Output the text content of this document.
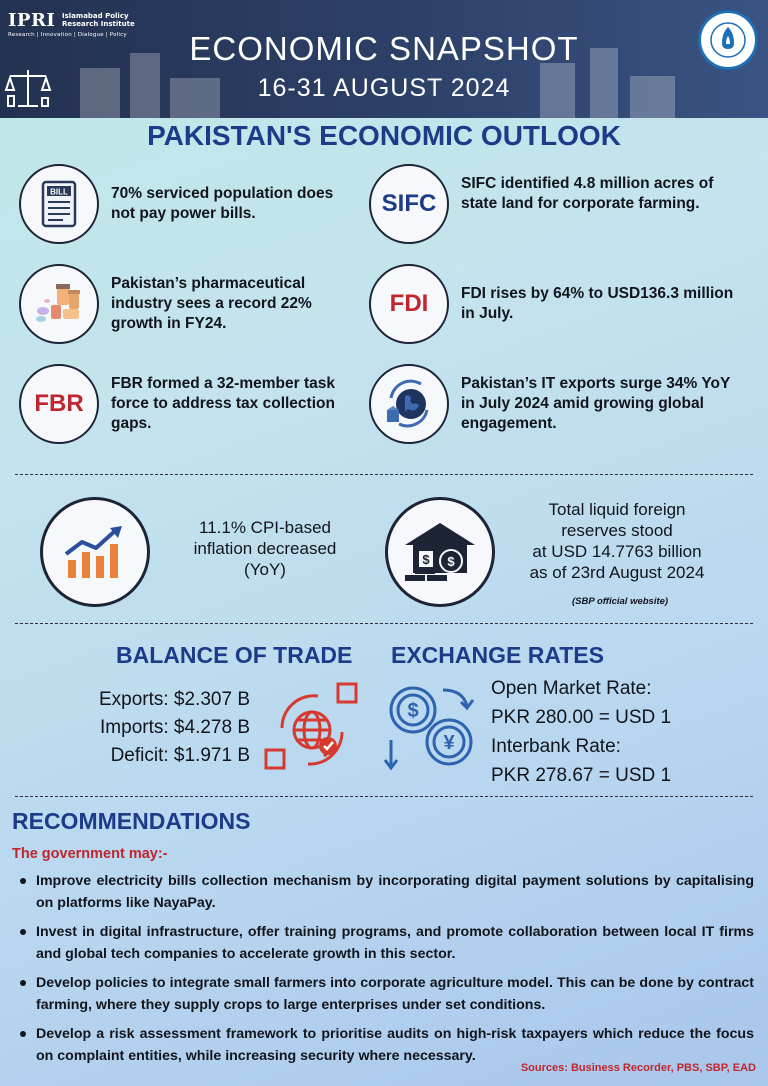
IPRI Islamabad Policy
Research Institute
Research | Innovation | Dialogue | Policy	ECONOMIC SNAPSHOT
16-31 AUGUST 2024
PAKISTAN'S ECONOMIC OUTLOOK
BILL	70% serviced population does not pay power bills.	SIFC
SIFC identified 4.8 million acres of state land for corporate farming.
Pakistan’s pharmaceutical industry sees a record 22% growth in FY24.
FDI FDI rises by 64% to USD136.3 million in July.
FBR
FBR formed a 32-member task force to address tax collection gaps.
Pakistan’s IT exports surge 34% YoY in July 2024 amid growing global engagement.
11.1% CPI-based
inflation decreased
(YoY)
$ $
Total liquid foreign
reserves stood
at USD 14.7763 billion
as of 23rd August 2024
(SBP official website)
BALANCE OF TRADE
Exports: $2.307 B
Imports: $4.278 B
Deficit: $1.971 B
EXCHANGE RATES
$
¥
Open Market Rate:
PKR 280.00 = USD 1
Interbank Rate:
PKR 278.67 = USD 1
RECOMMENDATIONS
The government may:-
Improve electricity bills collection mechanism by incorporating digital payment solutions by capitalising on platforms like NayaPay.
Invest in digital infrastructure, offer training programs, and promote collaboration between local IT firms and global tech companies to accelerate growth in this sector.
Develop policies to integrate small farmers into corporate agriculture model. This can be done by contract farming, where they supply crops to large enterprises under set conditions.
Develop a risk assessment framework to prioritise audits on high-risk taxpayers which reduce the focus on complaint entities, while increasing security where necessary.
Sources: Business Recorder, PBS, SBP, EAD
